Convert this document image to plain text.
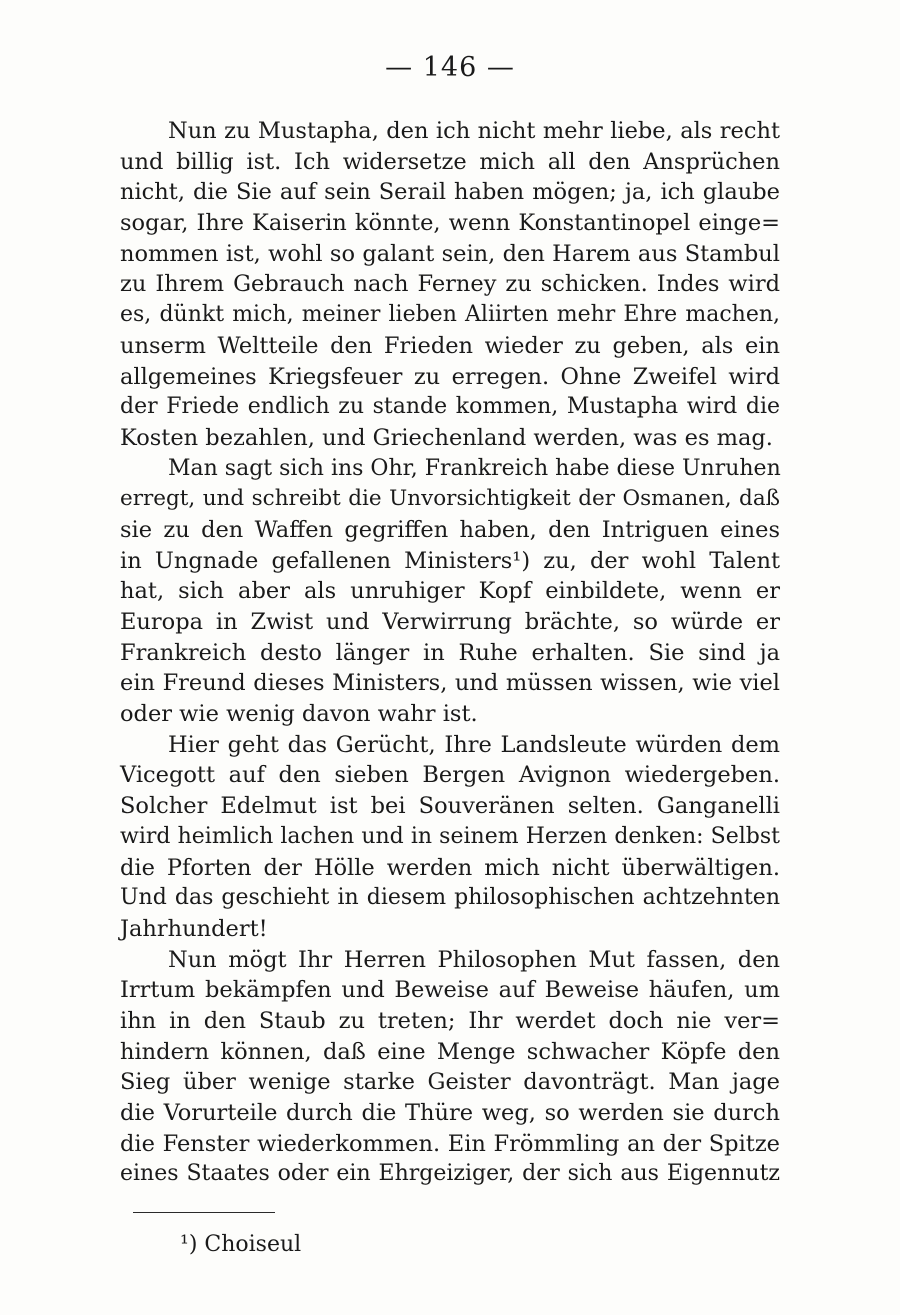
— 146 —
Nun zu Mustapha, den ich nicht mehr liebe, als recht
und billig ist. Ich widersetze mich all den Ansprüchen
nicht, die Sie auf sein Serail haben mögen; ja, ich glaube
sogar, Ihre Kaiserin könnte, wenn Konstantinopel einge=
nommen ist, wohl so galant sein, den Harem aus Stambul
zu Ihrem Gebrauch nach Ferney zu schicken. Indes wird
es, dünkt mich, meiner lieben Aliirten mehr Ehre machen,
unserm Weltteile den Frieden wieder zu geben, als ein
allgemeines Kriegsfeuer zu erregen. Ohne Zweifel wird
der Friede endlich zu stande kommen, Mustapha wird die
Kosten bezahlen, und Griechenland werden, was es mag.
Man sagt sich ins Ohr, Frankreich habe diese Unruhen
erregt, und schreibt die Unvorsichtigkeit der Osmanen, daß
sie zu den Waffen gegriffen haben, den Intriguen eines
in Ungnade gefallenen Ministers¹) zu, der wohl Talent
hat, sich aber als unruhiger Kopf einbildete, wenn er
Europa in Zwist und Verwirrung brächte, so würde er
Frankreich desto länger in Ruhe erhalten. Sie sind ja
ein Freund dieses Ministers, und müssen wissen, wie viel
oder wie wenig davon wahr ist.
Hier geht das Gerücht, Ihre Landsleute würden dem
Vicegott auf den sieben Bergen Avignon wiedergeben.
Solcher Edelmut ist bei Souveränen selten. Ganganelli
wird heimlich lachen und in seinem Herzen denken: Selbst
die Pforten der Hölle werden mich nicht überwältigen.
Und das geschieht in diesem philosophischen achtzehnten
Jahrhundert!
Nun mögt Ihr Herren Philosophen Mut fassen, den
Irrtum bekämpfen und Beweise auf Beweise häufen, um
ihn in den Staub zu treten; Ihr werdet doch nie ver=
hindern können, daß eine Menge schwacher Köpfe den
Sieg über wenige starke Geister davonträgt. Man jage
die Vorurteile durch die Thüre weg, so werden sie durch
die Fenster wiederkommen. Ein Frömmling an der Spitze
eines Staates oder ein Ehrgeiziger, der sich aus Eigennutz
¹) Choiseul
